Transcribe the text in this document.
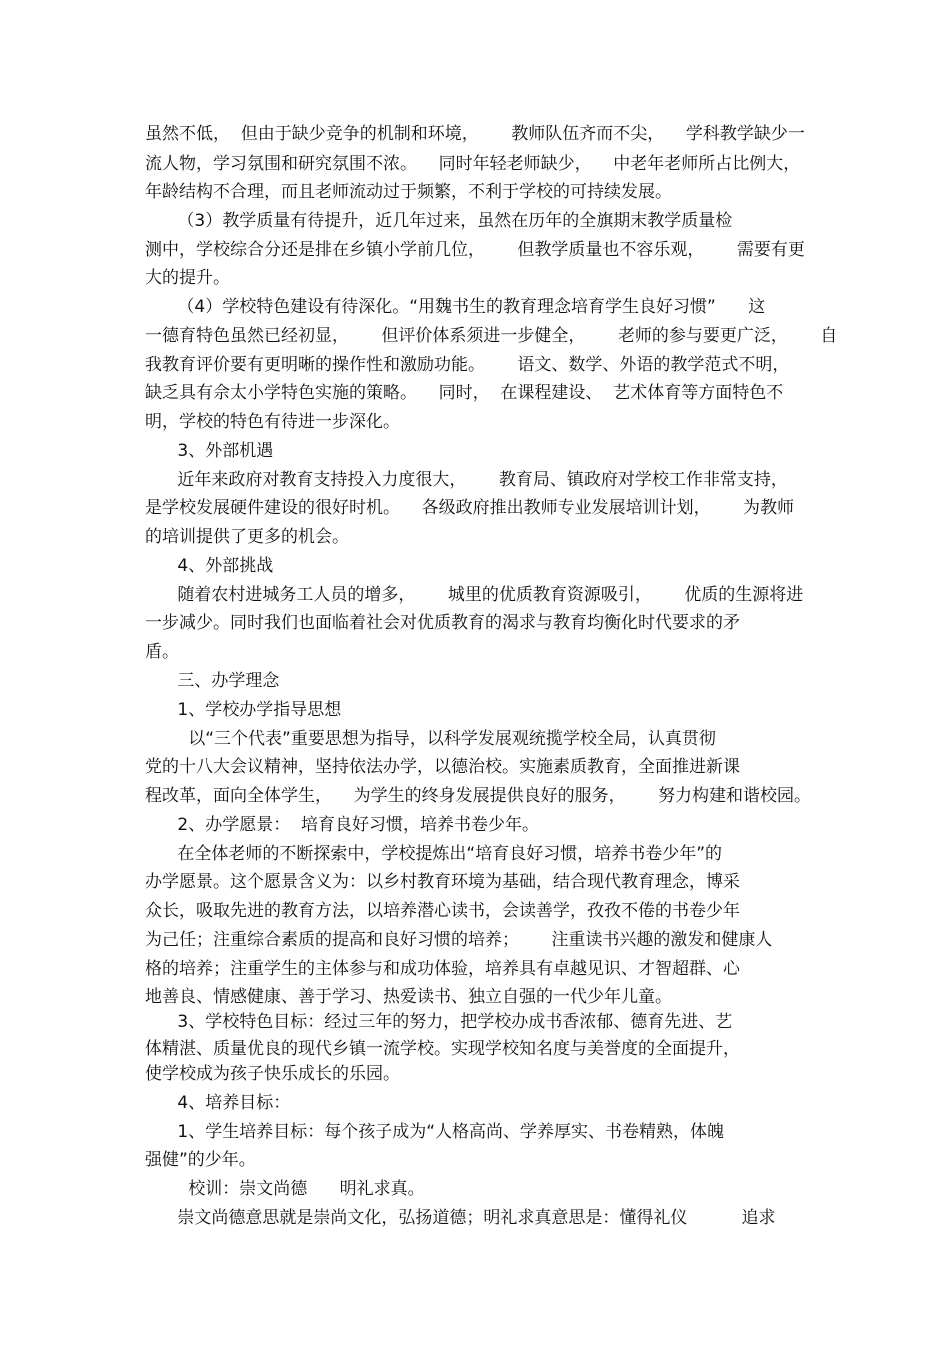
虽然不低，  但由于缺少竞争的机制和环境，      教师队伍齐而不尖，    学科教学缺少一

流人物，学习氛围和研究氛围不浓。    同时年轻老师缺少，    中老年老师所占比例大，

年龄结构不合理，而且老师流动过于频繁，不利于学校的可持续发展。

（3）教学质量有待提升，近几年过来，虽然在历年的全旗期末教学质量检

测中，学校综合分还是排在乡镇小学前几位，      但教学质量也不容乐观，      需要有更

大的提升。

（4）学校特色建设有待深化。“用魏书生的教育理念培育学生良好习惯”      这

一德育特色虽然已经初显，      但评价体系须进一步健全，      老师的参与要更广泛，      自

我教育评价要有更明晰的操作性和激励功能。      语文、数学、外语的教学范式不明，

缺乏具有佘太小学特色实施的策略。    同时，  在课程建设、  艺术体育等方面特色不

明，学校的特色有待进一步深化。

3、外部机遇

近年来政府对教育支持投入力度很大，      教育局、镇政府对学校工作非常支持，

是学校发展硬件建设的很好时机。    各级政府推出教师专业发展培训计划，      为教师

的培训提供了更多的机会。

4、外部挑战

随着农村进城务工人员的增多，      城里的优质教育资源吸引，      优质的生源将进

一步减少。同时我们也面临着社会对优质教育的渴求与教育均衡化时代要求的矛

盾。

三、办学理念

1、学校办学指导思想

以“三个代表”重要思想为指导，以科学发展观统揽学校全局，认真贯彻

党的十八大会议精神，坚持依法办学，以德治校。实施素质教育，全面推进新课

程改革，面向全体学生，    为学生的终身发展提供良好的服务，      努力构建和谐校园。

2、办学愿景：  培育良好习惯，培养书卷少年。

在全体老师的不断探索中，学校提炼出“培育良好习惯，培养书卷少年”的

办学愿景。这个愿景含义为：以乡村教育环境为基础，结合现代教育理念，博采

众长，吸取先进的教育方法，以培养潜心读书，会读善学，孜孜不倦的书卷少年

为己任；注重综合素质的提高和良好习惯的培养；      注重读书兴趣的激发和健康人

格的培养；注重学生的主体参与和成功体验，培养具有卓越见识、才智超群、心

地善良、情感健康、善于学习、热爱读书、独立自强的一代少年儿童。

3、学校特色目标：经过三年的努力，把学校办成书香浓郁、德育先进、艺

体精湛、质量优良的现代乡镇一流学校。实现学校知名度与美誉度的全面提升，

使学校成为孩子快乐成长的乐园。

4、培养目标：

1、学生培养目标：每个孩子成为“人格高尚、学养厚实、书卷精熟，体魄

强健”的少年。

校训：崇文尚德      明礼求真。

崇文尚德意思就是崇尚文化，弘扬道德；明礼求真意思是：懂得礼仪          追求
